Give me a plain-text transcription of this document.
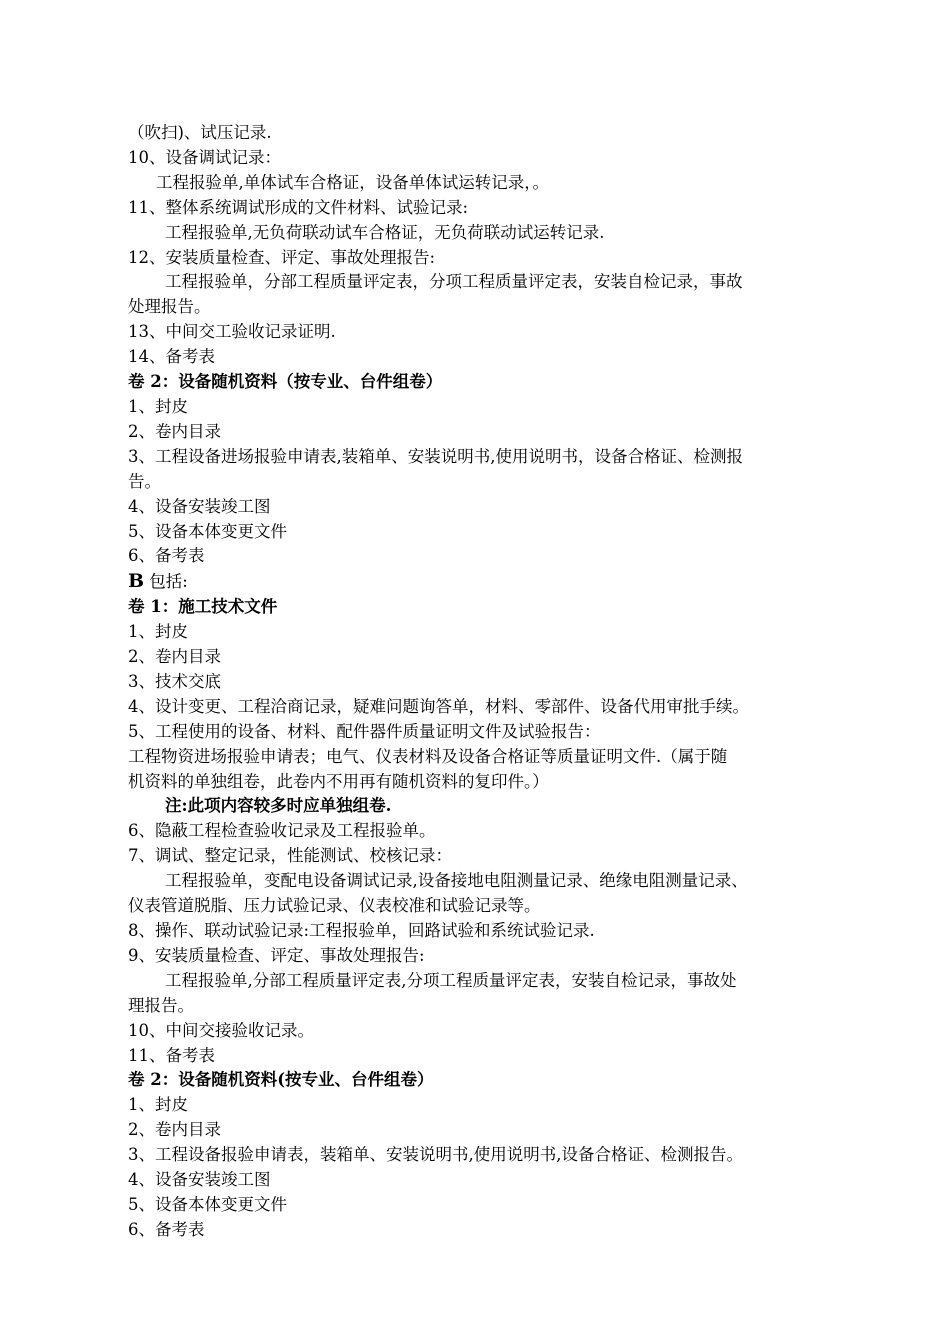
（吹扫)、试压记录.
10、设备调试记录：
工程报验单,单体试车合格证，设备单体试运转记录，。
11、整体系统调试形成的文件材料、试验记录:
工程报验单,无负荷联动试车合格证，无负荷联动试运转记录.
12、安装质量检查、评定、事故处理报告:
工程报验单，分部工程质量评定表，分项工程质量评定表，安装自检记录，事故
处理报告。
13、中间交工验收记录证明.
14、备考表
卷 2：设备随机资料（按专业、台件组卷）
1、封皮
2、卷内目录
3、工程设备进场报验申请表,装箱单、安装说明书,使用说明书，设备合格证、检测报
告。
4、设备安装竣工图
5、设备本体变更文件
6、备考表
B 包括:
卷 1：施工技术文件
1、封皮
2、卷内目录
3、技术交底
4、设计变更、工程洽商记录，疑难问题询答单，材料、零部件、设备代用审批手续。
5、工程使用的设备、材料、配件器件质量证明文件及试验报告：
工程物资进场报验申请表；电气、仪表材料及设备合格证等质量证明文件.（属于随
机资料的单独组卷，此卷内不用再有随机资料的复印件。）
注:此项内容较多时应单独组卷.
6、隐蔽工程检查验收记录及工程报验单。
7、调试、整定记录，性能测试、校核记录：
工程报验单，变配电设备调试记录,设备接地电阻测量记录、绝缘电阻测量记录、
仪表管道脱脂、压力试验记录、仪表校准和试验记录等。
8、操作、联动试验记录:工程报验单，回路试验和系统试验记录.
9、安装质量检查、评定、事故处理报告:
工程报验单,分部工程质量评定表,分项工程质量评定表，安装自检记录，事故处
理报告。
10、中间交接验收记录。
11、备考表
卷 2：设备随机资料(按专业、台件组卷）
1、封皮
2、卷内目录
3、工程设备报验申请表，装箱单、安装说明书,使用说明书,设备合格证、检测报告。
4、设备安装竣工图
5、设备本体变更文件
6、备考表
